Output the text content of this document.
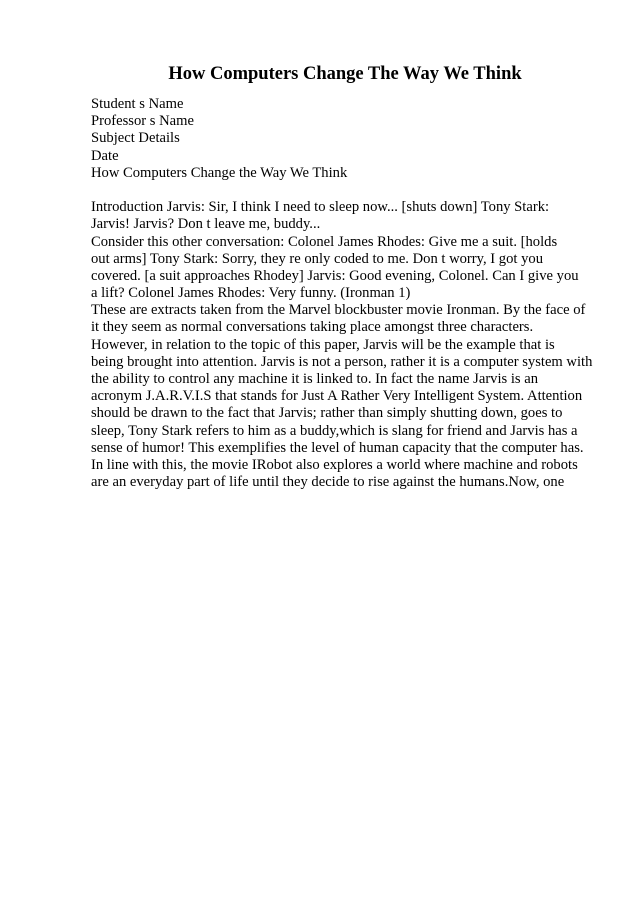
How Computers Change The Way We Think
Student s Name
Professor s Name
Subject Details
Date
How Computers Change the Way We Think
Introduction Jarvis: Sir, I think I need to sleep now... [shuts down] Tony Stark:
Jarvis! Jarvis? Don t leave me, buddy...
Consider this other conversation: Colonel James Rhodes: Give me a suit. [holds
out arms] Tony Stark: Sorry, they re only coded to me. Don t worry, I got you
covered. [a suit approaches Rhodey] Jarvis: Good evening, Colonel. Can I give you
a lift? Colonel James Rhodes: Very funny. (Ironman 1)
These are extracts taken from the Marvel blockbuster movie Ironman. By the face of
it they seem as normal conversations taking place amongst three characters.
However, in relation to the topic of this paper, Jarvis will be the example that is
being brought into attention. Jarvis is not a person, rather it is a computer system with
the ability to control any machine it is linked to. In fact the name Jarvis is an
acronym J.A.R.V.I.S that stands for Just A Rather Very Intelligent System. Attention
should be drawn to the fact that Jarvis; rather than simply shutting down, goes to
sleep, Tony Stark refers to him as a buddy,which is slang for friend and Jarvis has a
sense of humor! This exemplifies the level of human capacity that the computer has.
In line with this, the movie IRobot also explores a world where machine and robots
are an everyday part of life until they decide to rise against the humans.Now, one
